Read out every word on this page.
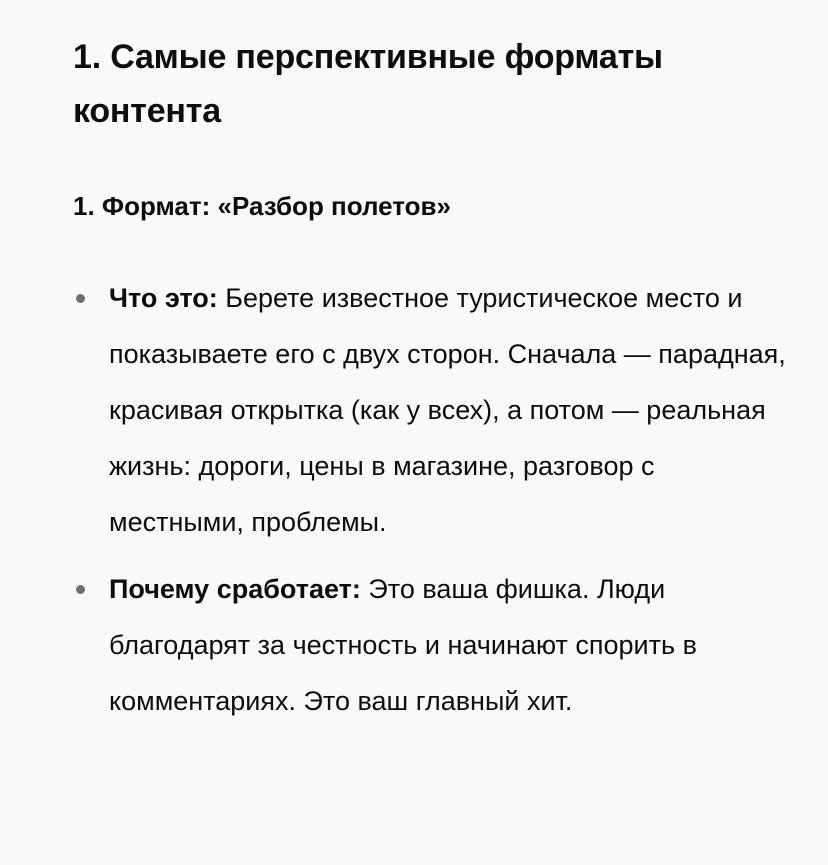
1. Самые перспективные форматы контента
1. Формат: «Разбор полетов»
Что это: Берете известное туристическое место и показываете его с двух сторон. Сначала — парадная, красивая открытка (как у всех), а потом — реальная жизнь: дороги, цены в магазине, разговор с местными, проблемы.
Почему сработает: Это ваша фишка. Люди благодарят за честность и начинают спорить в комментариях. Это ваш главный хит.
